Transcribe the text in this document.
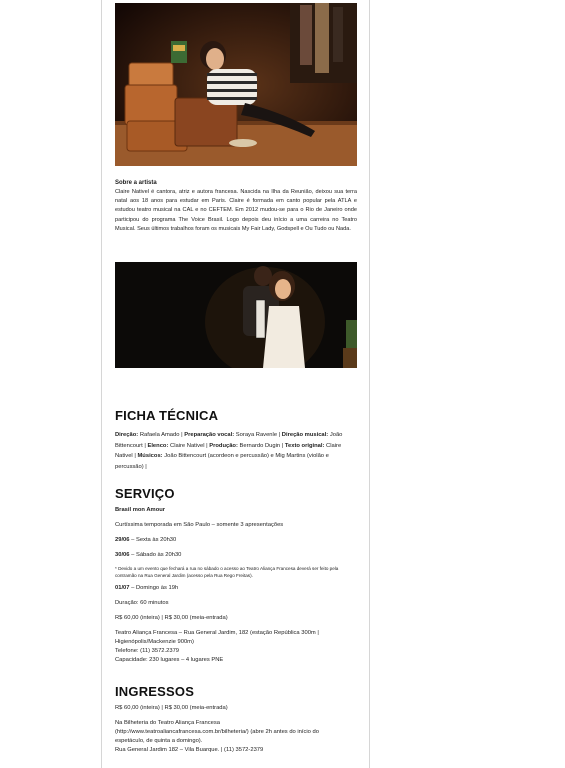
Sobre a artista

Claire Nativel é cantora, atriz e autora francesa. Nascida na Ilha da Reunião, deixou sua terra natal aos 18 anos para estudar em Paris. Claire é formada em canto popular pela ATLA e estudou teatro musical na CAL e no CEFTEM. Em 2012 mudou-se para o Rio de Janeiro onde participou do programa The Voice Brasil. Logo depois deu início a uma carreira no Teatro Musical. Seus últimos trabalhos foram os musicais My Fair Lady, Godspell e Ou Tudo ou Nada.

FICHA TÉCNICA

Direção: Rafaela Amado | Preparação vocal: Soraya Ravenle | Direção musical: João Bittencourt | Elenco: Claire Nativel | Produção: Bernardo Dugin | Texto original: Claire Nativel | Músicos: João Bittencourt (acordeon e percussão) e Mig Martins (violão e percussão) |

SERVIÇO

Brasil mon Amour

Curtíssima temporada em São Paulo – somente 3 apresentações

29/06 – Sexta às 20h30

30/06 – Sábado às 20h30

* Devido a um evento que fechará a rua no sábado o acesso ao Teatro Aliança Francesa deverá ser feito pela contramão na Rua General Jardim (acesso pela Rua Rego Freitas).

01/07 – Domingo às 19h

Duração: 60 minutos

R$ 60,00 (inteira) | R$ 30,00 (meia-entrada)

Teatro Aliança Francesa – Rua General Jardim, 182 (estação República 300m |

Higienópolis/Mackenzie 900m)

Telefone: (11) 3572.2379

Capacidade: 230 lugares – 4 lugares PNE

INGRESSOS

R$ 60,00 (inteira) | R$ 30,00 (meia-entrada)

Na Bilheteria do Teatro Aliança Francesa

(http://www.teatroaliancafrancesa.com.br/bilheteria/) (abre 2h antes do início do

espetáculo, de quinta a domingo).

Rua General Jardim 182 – Vila Buarque. | (11) 3572-2379
